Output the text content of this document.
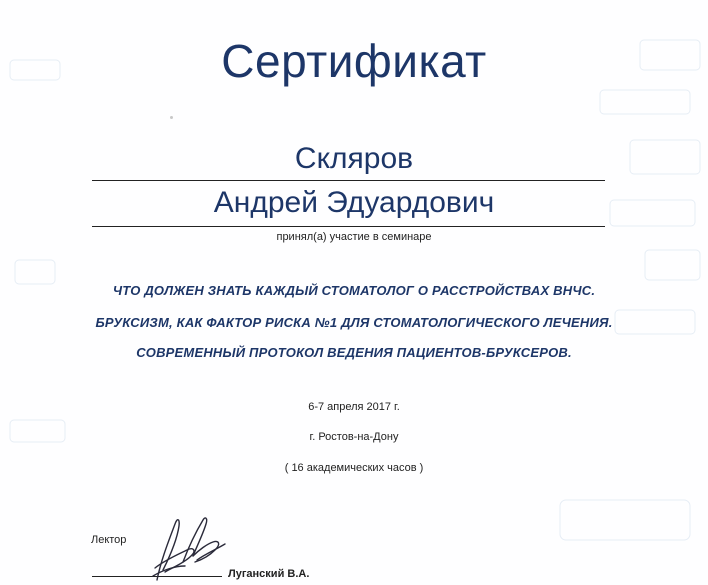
Сертификат
Скляров
Андрей Эдуардович
принял(а) участие в семинаре
ЧТО ДОЛЖЕН ЗНАТЬ КАЖДЫЙ СТОМАТОЛОГ О РАССТРОЙСТВАХ ВНЧС.
БРУКСИЗМ, КАК ФАКТОР РИСКА №1 ДЛЯ СТОМАТОЛОГИЧЕСКОГО ЛЕЧЕНИЯ.
СОВРЕМЕННЫЙ ПРОТОКОЛ ВЕДЕНИЯ ПАЦИЕНТОВ-БРУКСЕРОВ.
6-7 апреля 2017 г.
г. Ростов-на-Дону
( 16 академических часов )
Лектор
Луганский В.А.
